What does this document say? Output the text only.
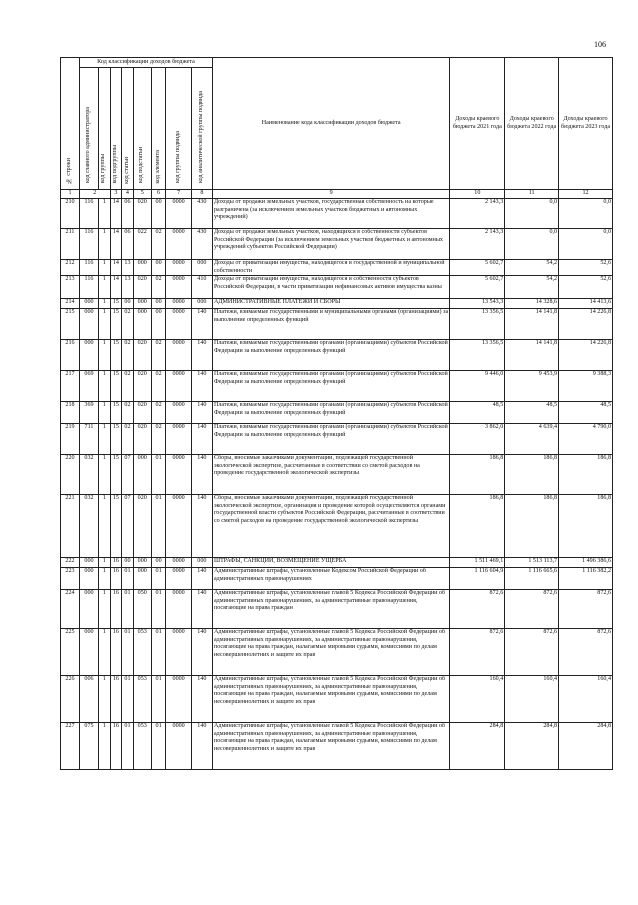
106
№ строки	Код классификации доходов бюджета								Наименование кода классификации доходов бюджета	Доходы краевого бюджета 2021 года	Доходы краевого бюджета 2022 года	Доходы краевого бюджета 2023 года
	код главного администратора	код группы	код подгруппы	код статьи	код подстатьи	код элемента	код группы подвида	код аналитической группы подвида				
1	2		3	4	5	6	7	8	9	10	11	12
210	116	1	14	06	020	00	0000	430	Доходы от продажи земельных участков, государственная собственность на которые разграничена (за исключением земельных участков бюджетных и автономных учреждений)	2 143,3	0,0	0,0
211	116	1	14	06	022	02	0000	430	Доходы от продажи земельных участков, находящихся в собственности субъектов Российской Федерации (за исключением земельных участков бюджетных и автономных учреждений субъектов Российской Федерации)	2 143,3	0,0	0,0
212	116	1	14	13	000	00	0000	000	Доходы от приватизации имущества, находящегося в государственной и муниципальной собственности	5 602,7	54,2	52,6
213	116	1	14	13	020	02	0000	410	Доходы от приватизации имущества, находящегося в собственности субъектов Российской Федерации, в части приватизации нефинансовых активов имущества казны	5 602,7	54,2	52,6
214	000	1	15	00	000	00	0000	000	АДМИНИСТРАТИВНЫЕ ПЛАТЕЖИ И СБОРЫ	13 543,3	14 328,6	14 413,6
215	000	1	15	02	000	00	0000	140	Платежи, взимаемые государственными и муниципальными органами (организациями) за выполнение определенных функций	13 356,5	14 141,8	14 226,8
216	000	1	15	02	020	02	0000	140	Платежи, взимаемые государственными органами (организациями) субъектов Российской Федерации за выполнение определенных функций	13 356,5	14 141,8	14 226,8
217	069	1	15	02	020	02	0000	140	Платежи, взимаемые государственными органами (организациями) субъектов Российской Федерации за выполнение определенных функций	9 446,0	9 453,9	9 388,3
218	369	1	15	02	020	02	0000	140	Платежи, взимаемые государственными органами (организациями) субъектов Российской Федерации за выполнение определенных функций	48,5	48,5	48,5
219	711	1	15	02	020	02	0000	140	Платежи, взимаемые государственными органами (организациями) субъектов Российской Федерации за выполнение определенных функций	3 862,0	4 639,4	4 790,0
220	032	1	15	07	000	01	0000	140	Сборы, вносимые заказчиками документации, подлежащей государственной экологической экспертизе, рассчитанные в соответствии со сметой расходов на проведение государственной экологической экспертизы	186,8	186,8	186,8
221	032	1	15	07	020	01	0000	140	Сборы, вносимые заказчиками документации, подлежащей государственной экологической экспертизе, организация и проведение которой осуществляются органами государственной власти субъектов Российской Федерации, рассчитанные в соответствии со сметой расходов на проведение государственной экологической экспертизы	186,8	186,8	186,8
222	000	1	16	00	000	00	0000	000	ШТРАФЫ, САНКЦИИ, ВОЗМЕЩЕНИЕ УЩЕРБА	1 511 469,1	1 513 113,7	1 496 386,6
223	000	1	16	01	000	01	0000	140	Административные штрафы, установленные Кодексом Российской Федерации об административных правонарушениях	1 116 604,9	1 116 665,6	1 116 382,2
224	000	1	16	01	050	01	0000	140	Административные штрафы, установленные главой 5 Кодекса Российской Федерации об административных правонарушениях, за административные правонарушения, посягающие на права граждан	872,6	872,6	872,6
225	000	1	16	01	053	01	0000	140	Административные штрафы, установленные главой 5 Кодекса Российской Федерации об административных правонарушениях, за административные правонарушения, посягающие на права граждан, налагаемые мировыми судьями, комиссиями по делам несовершеннолетних и защите их прав	872,6	872,6	872,6
226	006	1	16	01	053	01	0000	140	Административные штрафы, установленные главой 5 Кодекса Российской Федерации об административных правонарушениях, за административные правонарушения, посягающие на права граждан, налагаемые мировыми судьями, комиссиями по делам несовершеннолетних и защите их прав	160,4	160,4	160,4
227	075	1	16	01	053	01	0000	140	Административные штрафы, установленные главой 5 Кодекса Российской Федерации об административных правонарушениях, за административные правонарушения, посягающие на права граждан, налагаемые мировыми судьями, комиссиями по делам несовершеннолетних и защите их прав	284,8	284,8	284,8
